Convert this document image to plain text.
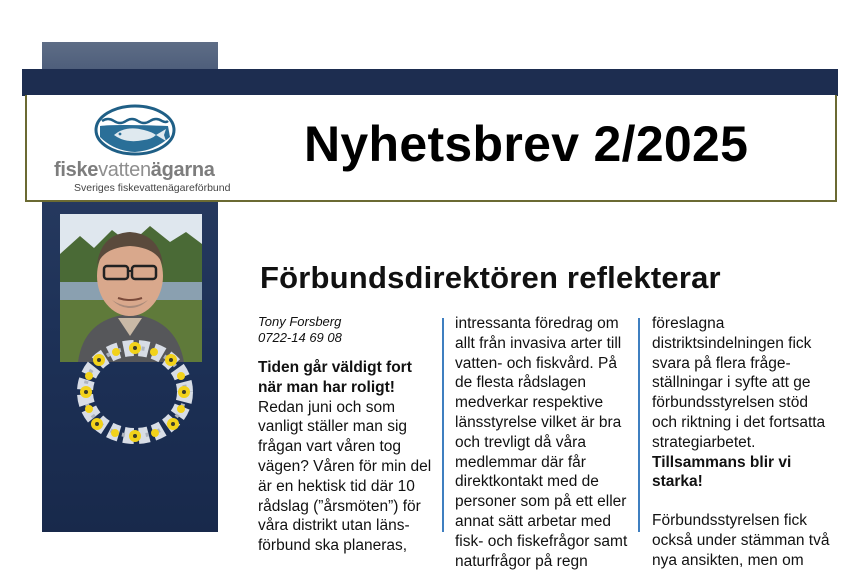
fiskevattenägarna
Sveriges fiskevattenägareförbund
Nyhetsbrev 2/2025
Förbundsdirektören reflekterar
Tony Forsberg
0722-14 69 08

Tiden går väldigt fort när man har roligt!

Redan juni och som vanligt ställer man sig frågan vart våren tog vägen? Våren för min del är en hektisk tid där 10 rådslag (”årsmöten”) för våra distrikt utan läns-förbund ska planeras,

intressanta föredrag om allt från invasiva arter till vatten- och fiskvård. På de flesta rådslagen medverkar respektive länsstyrelse vilket är bra och trevligt då våra medlemmar där får direktkontakt med de personer som på ett eller annat sätt arbetar med fisk- och fiskefrågor samt naturfrågor på regn

föreslagna distriktsindelningen fick svara på flera fråge-ställningar i syfte att ge förbundsstyrelsen stöd och riktning i det fortsatta strategiarbetet. Tillsammans blir vi starka!

Förbundsstyrelsen fick också under stämman två nya ansikten, men om
